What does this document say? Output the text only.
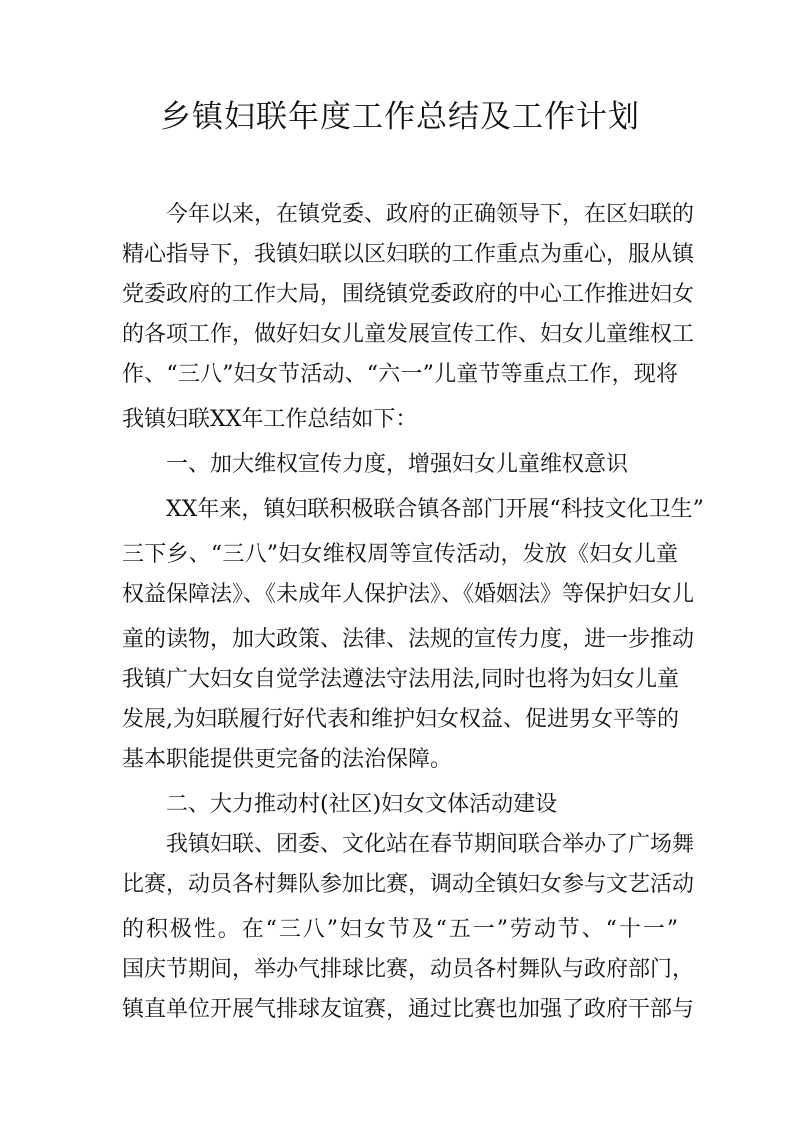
乡镇妇联年度工作总结及工作计划

今年以来，在镇党委、政府的正确领导下，在区妇联的

精心指导下，我镇妇联以区妇联的工作重点为重心，服从镇

党委政府的工作大局，围绕镇党委政府的中心工作推进妇女

的各项工作，做好妇女儿童发展宣传工作、妇女儿童维权工

作、“三八”妇女节活动、“六一”儿童节等重点工作，现将

我镇妇联XX年工作总结如下：

一、加大维权宣传力度，增强妇女儿童维权意识

XX年来，镇妇联积极联合镇各部门开展“科技文化卫生”

三下乡、“三八”妇女维权周等宣传活动，发放《妇女儿童

权益保障法》、《未成年人保护法》、《婚姻法》等保护妇女儿

童的读物，加大政策、法律、法规的宣传力度，进一步推动

我镇广大妇女自觉学法遵法守法用法,同时也将为妇女儿童

发展,为妇联履行好代表和维护妇女权益、促进男女平等的

基本职能提供更完备的法治保障。

二、大力推动村(社区)妇女文体活动建设

我镇妇联、团委、文化站在春节期间联合举办了广场舞

比赛，动员各村舞队参加比赛，调动全镇妇女参与文艺活动

的积极性。在“三八”妇女节及“五一”劳动节、“十一”

国庆节期间，举办气排球比赛，动员各村舞队与政府部门，

镇直单位开展气排球友谊赛，通过比赛也加强了政府干部与
